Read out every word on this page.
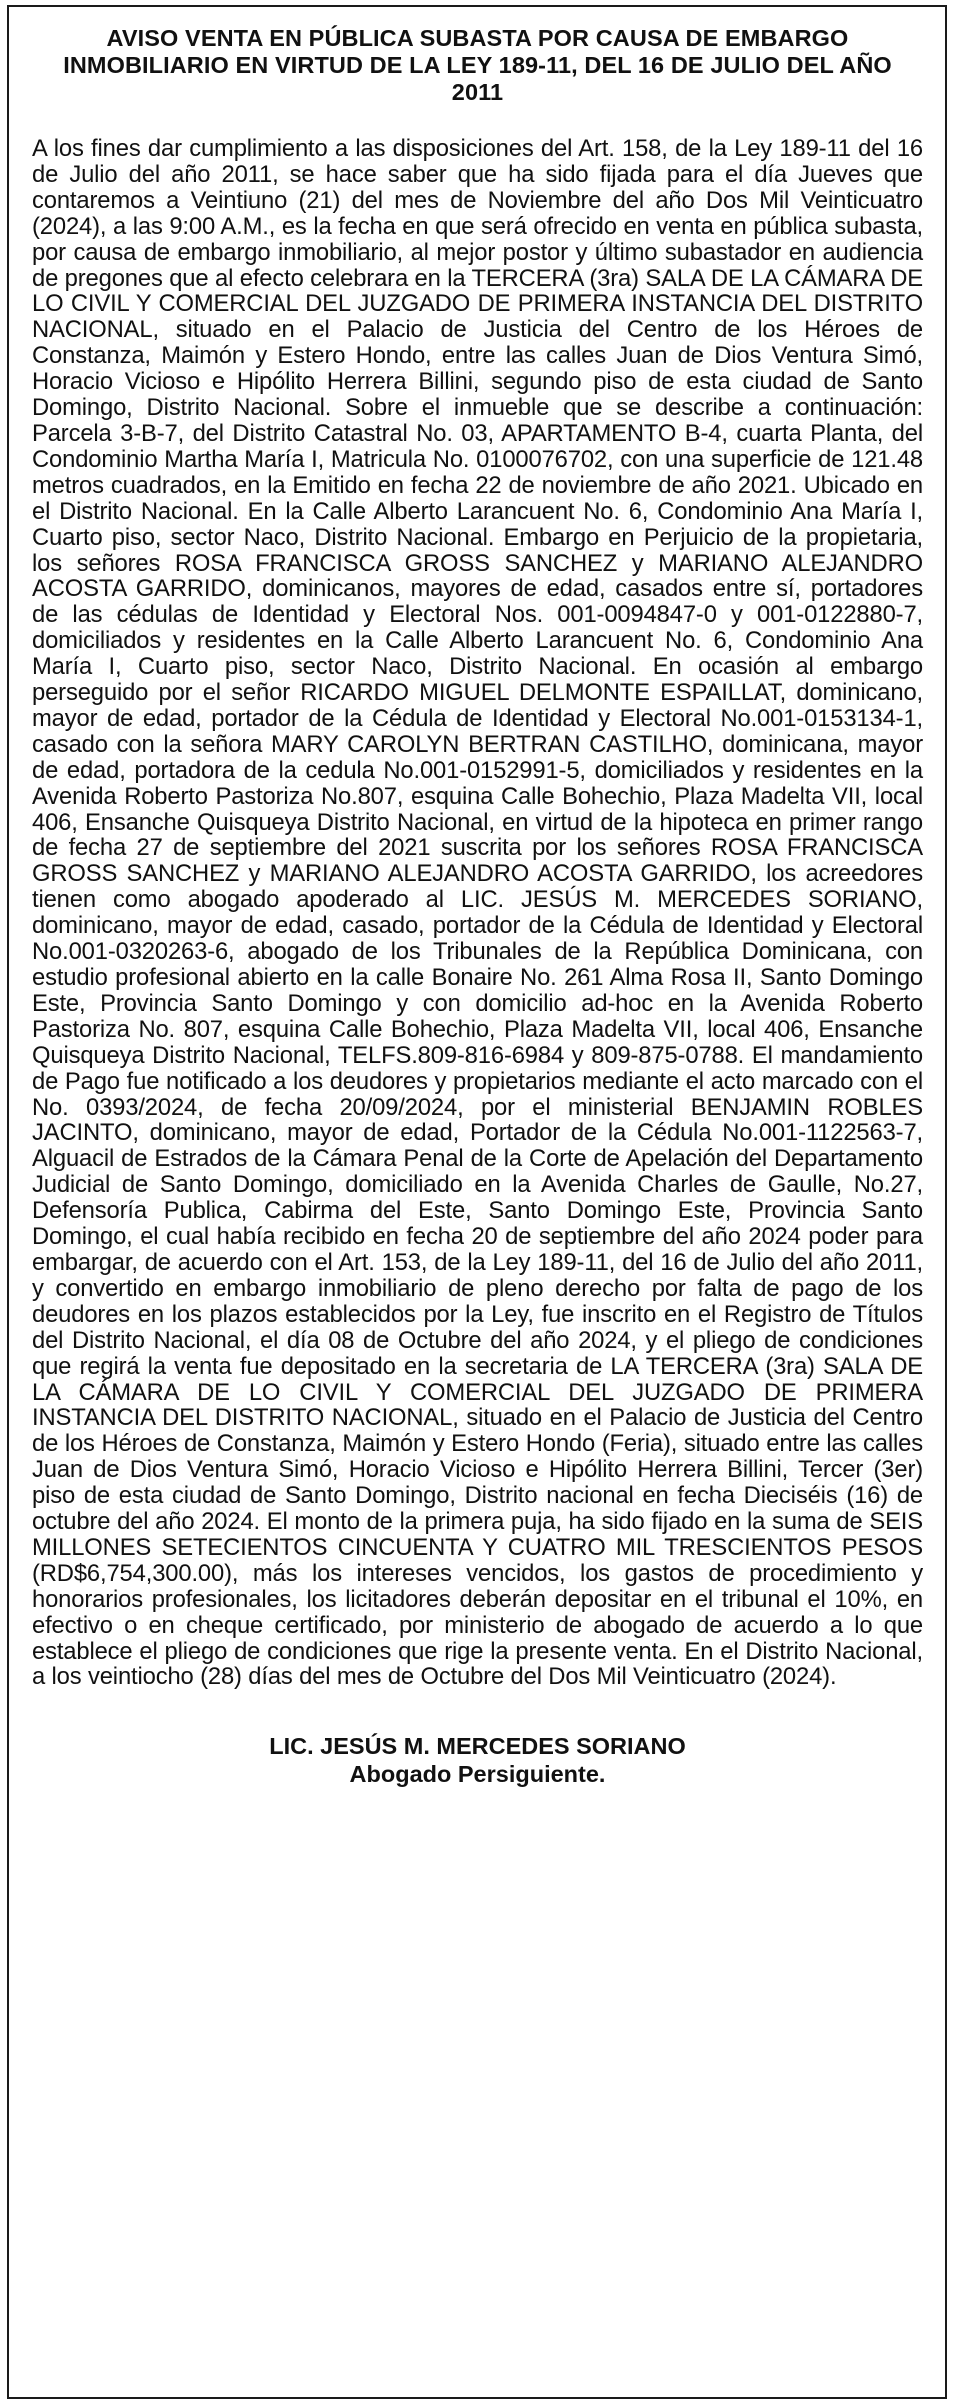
AVISO VENTA EN PÚBLICA SUBASTA POR CAUSA DE EMBARGO INMOBILIARIO EN VIRTUD DE LA LEY 189-11, DEL 16 DE JULIO DEL AÑO 2011

A los fines dar cumplimiento a las disposiciones del Art. 158, de la Ley 189-11 del 16 de Julio del año 2011, se hace saber que ha sido fijada para el día Jueves que contaremos a Veintiuno (21) del mes de Noviembre del año Dos Mil Veinticuatro (2024), a las 9:00 A.M., es la fecha en que será ofrecido en venta en pública subasta, por causa de embargo inmobiliario, al mejor postor y último subastador en audiencia de pregones que al efecto celebrara en la TERCERA (3ra) SALA DE LA CÁMARA DE LO CIVIL Y COMERCIAL DEL JUZGADO DE PRIMERA INSTANCIA DEL DISTRITO NACIONAL, situado en el Palacio de Justicia del Centro de los Héroes de Constanza, Maimón y Estero Hondo, entre las calles Juan de Dios Ventura Simó, Horacio Vicioso e Hipólito Herrera Billini, segundo piso de esta ciudad de Santo Domingo, Distrito Nacional. Sobre el inmueble que se describe a continuación: Parcela 3-B-7, del Distrito Catastral No. 03, APARTAMENTO B-4, cuarta Planta, del Condominio Martha María I, Matricula No. 0100076702, con una superficie de 121.48 metros cuadrados, en la Emitido en fecha 22 de noviembre de año 2021. Ubicado en el Distrito Nacional. En la Calle Alberto Larancuent No. 6, Condominio Ana María I, Cuarto piso, sector Naco, Distrito Nacional. Embargo en Perjuicio de la propietaria, los señores ROSA FRANCISCA GROSS SANCHEZ y MARIANO ALEJANDRO ACOSTA GARRIDO, dominicanos, mayores de edad, casados entre sí, portadores de las cédulas de Identidad y Electoral Nos. 001-0094847-0 y 001-0122880-7, domiciliados y residentes en la Calle Alberto Larancuent No. 6, Condominio Ana María I, Cuarto piso, sector Naco, Distrito Nacional. En ocasión al embargo perseguido por el señor RICARDO MIGUEL DELMONTE ESPAILLAT, dominicano, mayor de edad, portador de la Cédula de Identidad y Electoral No.001-0153134-1, casado con la señora MARY CAROLYN BERTRAN CASTILHO, dominicana, mayor de edad, portadora de la cedula No.001-0152991-5, domiciliados y residentes en la Avenida Roberto Pastoriza No.807, esquina Calle Bohechio, Plaza Madelta VII, local 406, Ensanche Quisqueya Distrito Nacional, en virtud de la hipoteca en primer rango de fecha 27 de septiembre del 2021 suscrita por los señores ROSA FRANCISCA GROSS SANCHEZ y MARIANO ALEJANDRO ACOSTA GARRIDO, los acreedores tienen como abogado apoderado al LIC. JESÚS M. MERCEDES SORIANO, dominicano, mayor de edad, casado, portador de la Cédula de Identidad y Electoral No.001-0320263-6, abogado de los Tribunales de la República Dominicana, con estudio profesional abierto en la calle Bonaire No. 261 Alma Rosa II, Santo Domingo Este, Provincia Santo Domingo y con domicilio ad-hoc en la Avenida Roberto Pastoriza No. 807, esquina Calle Bohechio, Plaza Madelta VII, local 406, Ensanche Quisqueya Distrito Nacional, TELFS.809-816-6984 y 809-875-0788. El mandamiento de Pago fue notificado a los deudores y propietarios mediante el acto marcado con el No. 0393/2024, de fecha 20/09/2024, por el ministerial BENJAMIN ROBLES JACINTO, dominicano, mayor de edad, Portador de la Cédula No.001-1122563-7, Alguacil de Estrados de la Cámara Penal de la Corte de Apelación del Departamento Judicial de Santo Domingo, domiciliado en la Avenida Charles de Gaulle, No.27, Defensoría Publica, Cabirma del Este, Santo Domingo Este, Provincia Santo Domingo, el cual había recibido en fecha 20 de septiembre del año 2024 poder para embargar, de acuerdo con el Art. 153, de la Ley 189-11, del 16 de Julio del año 2011, y convertido en embargo inmobiliario de pleno derecho por falta de pago de los deudores en los plazos establecidos por la Ley, fue inscrito en el Registro de Títulos del Distrito Nacional, el día 08 de Octubre del año 2024, y el pliego de condiciones que regirá la venta fue depositado en la secretaria de LA TERCERA (3ra) SALA DE LA CÁMARA DE LO CIVIL Y COMERCIAL DEL JUZGADO DE PRIMERA INSTANCIA DEL DISTRITO NACIONAL, situado en el Palacio de Justicia del Centro de los Héroes de Constanza, Maimón y Estero Hondo (Feria), situado entre las calles Juan de Dios Ventura Simó, Horacio Vicioso e Hipólito Herrera Billini, Tercer (3er) piso de esta ciudad de Santo Domingo, Distrito nacional en fecha Dieciséis (16) de octubre del año 2024. El monto de la primera puja, ha sido fijado en la suma de SEIS MILLONES SETECIENTOS CINCUENTA Y CUATRO MIL TRESCIENTOS PESOS (RD$6,754,300.00), más los intereses vencidos, los gastos de procedimiento y honorarios profesionales, los licitadores deberán depositar en el tribunal el 10%, en efectivo o en cheque certificado, por ministerio de abogado de acuerdo a lo que establece el pliego de condiciones que rige la presente venta. En el Distrito Nacional, a los veintiocho (28) días del mes de Octubre del Dos Mil Veinticuatro (2024).

LIC. JESÚS M. MERCEDES SORIANO
Abogado Persiguiente.
